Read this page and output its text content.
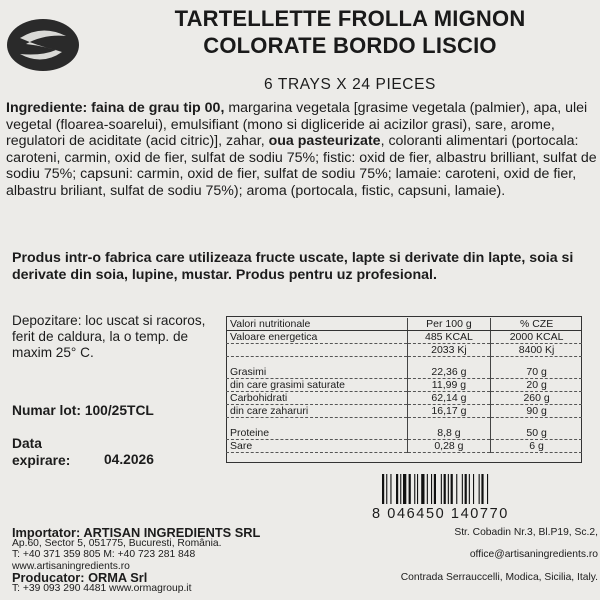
TARTELLETTE FROLLA MIGNON
COLORATE BORDO LISCIO
6 TRAYS X 24 PIECES
Ingrediente: faina de grau tip 00, margarina vegetala [grasime vegetala (palmier), apa, ulei vegetal (floarea-soarelui), emulsifiant (mono si digliceride ai acizilor grasi), sare, arome, regulatori de aciditate (acid citric)], zahar, oua pasteurizate, coloranti alimentari (portocala: caroteni, carmin, oxid de fier, sulfat de sodiu 75%; fistic: oxid de fier, albastru brilliant, sulfat de sodiu 75%; capsuni: carmin, oxid de fier, sulfat de sodiu 75%; lamaie: caroteni, oxid de fier, albastru briliant, sulfat de sodiu 75%); aroma (portocala, fistic, capsuni, lamaie).
Produs intr-o fabrica care utilizeaza fructe uscate, lapte si derivate din lapte, soia si derivate din soia, lupine, mustar. Produs pentru uz profesional.
Depozitare: loc uscat si racoros, ferit de caldura, la o temp. de maxim 25° C.
Numar lot: 100/25TCL
Data
expirare: 04.2026
Valori nutritionale	Per 100 g	% CZE
Valoare energetica	485 KCAL	2000 KCAL
	2033 Kj	8400 Kj

Grasimi	22,36 g	70 g
din care grasimi saturate	11,99 g	20 g
Carbohidrati	62,14 g	260 g
din care zaharuri	16,17 g	90 g

Proteine	8,8 g	50 g
Sare	0,28 g	6 g
8 046450 140770
Importator: ARTISAN INGREDIENTS SRL	Str. Cobadin Nr.3, Bl.P19, Sc.2,
Ap.60, Sector 5, 051775, Bucuresti, România.
T: +40 371 359 805 M: +40 723 281 848	office@artisaningredients.ro
www.artisaningredients.ro
Producator: ORMA Srl	Contrada Serrauccelli, Modica, Sicilia, Italy.
T: +39 093 290 4481 www.ormagroup.it
